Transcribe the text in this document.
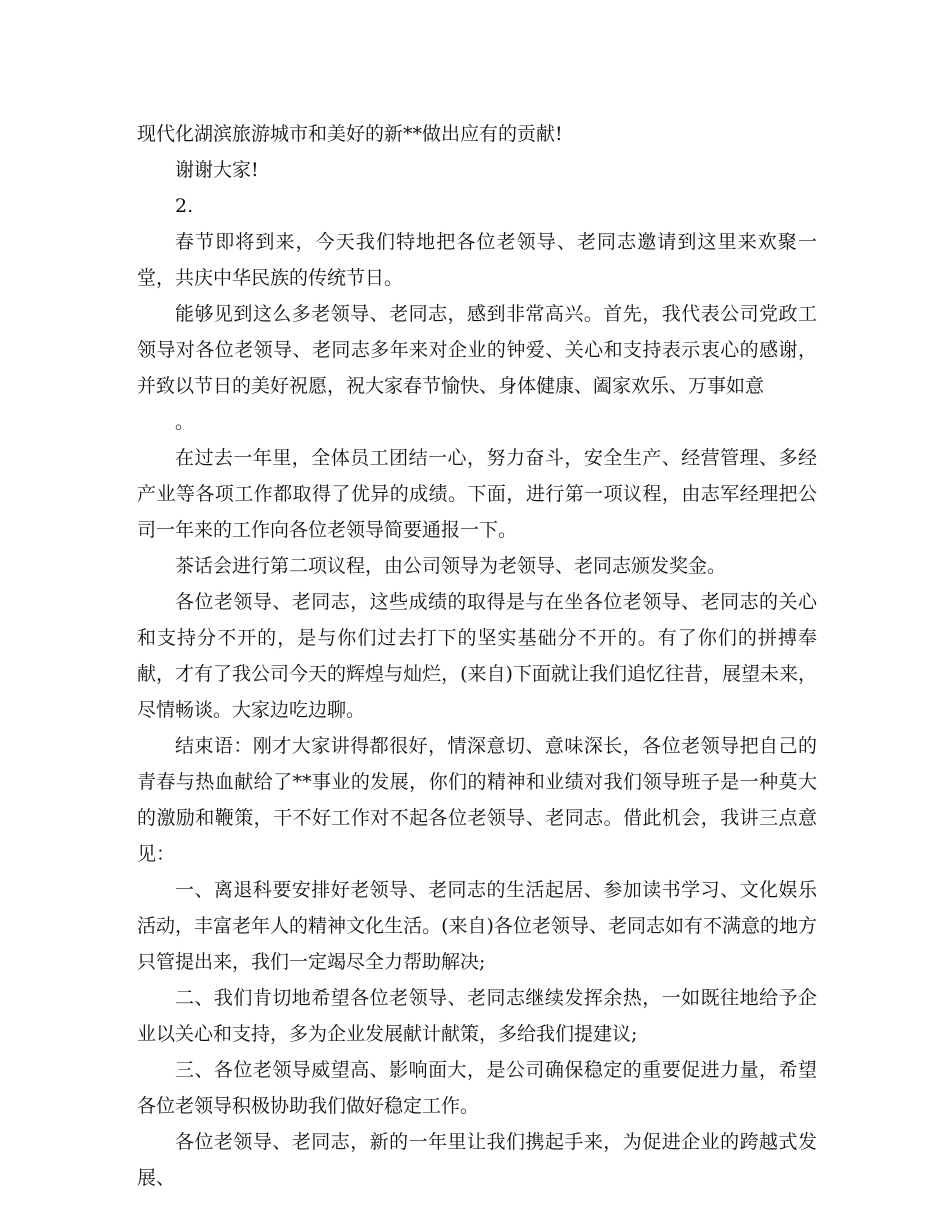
现代化湖滨旅游城市和美好的新**做出应有的贡献!

谢谢大家!

2.

春节即将到来，今天我们特地把各位老领导、老同志邀请到这里来欢聚一堂，共庆中华民族的传统节日。

能够见到这么多老领导、老同志，感到非常高兴。首先，我代表公司党政工领导对各位老领导、老同志多年来对企业的钟爱、关心和支持表示衷心的感谢，并致以节日的美好祝愿，祝大家春节愉快、身体健康、阖家欢乐、万事如意

。

在过去一年里，全体员工团结一心，努力奋斗，安全生产、经营管理、多经产业等各项工作都取得了优异的成绩。下面，进行第一项议程，由志军经理把公司一年来的工作向各位老领导简要通报一下。

茶话会进行第二项议程，由公司领导为老领导、老同志颁发奖金。

各位老领导、老同志，这些成绩的取得是与在坐各位老领导、老同志的关心和支持分不开的，是与你们过去打下的坚实基础分不开的。有了你们的拼搏奉献，才有了我公司今天的辉煌与灿烂，(来自)下面就让我们追忆往昔，展望未来，尽情畅谈。大家边吃边聊。

结束语：刚才大家讲得都很好，情深意切、意味深长，各位老领导把自己的青春与热血献给了**事业的发展，你们的精神和业绩对我们领导班子是一种莫大的激励和鞭策，干不好工作对不起各位老领导、老同志。借此机会，我讲三点意见：

一、离退科要安排好老领导、老同志的生活起居、参加读书学习、文化娱乐活动，丰富老年人的精神文化生活。(来自)各位老领导、老同志如有不满意的地方只管提出来，我们一定竭尽全力帮助解决;

二、我们肯切地希望各位老领导、老同志继续发挥余热，一如既往地给予企业以关心和支持，多为企业发展献计献策，多给我们提建议;

三、各位老领导威望高、影响面大，是公司确保稳定的重要促进力量，希望各位老领导积极协助我们做好稳定工作。

各位老领导、老同志，新的一年里让我们携起手来，为促进企业的跨越式发展、
